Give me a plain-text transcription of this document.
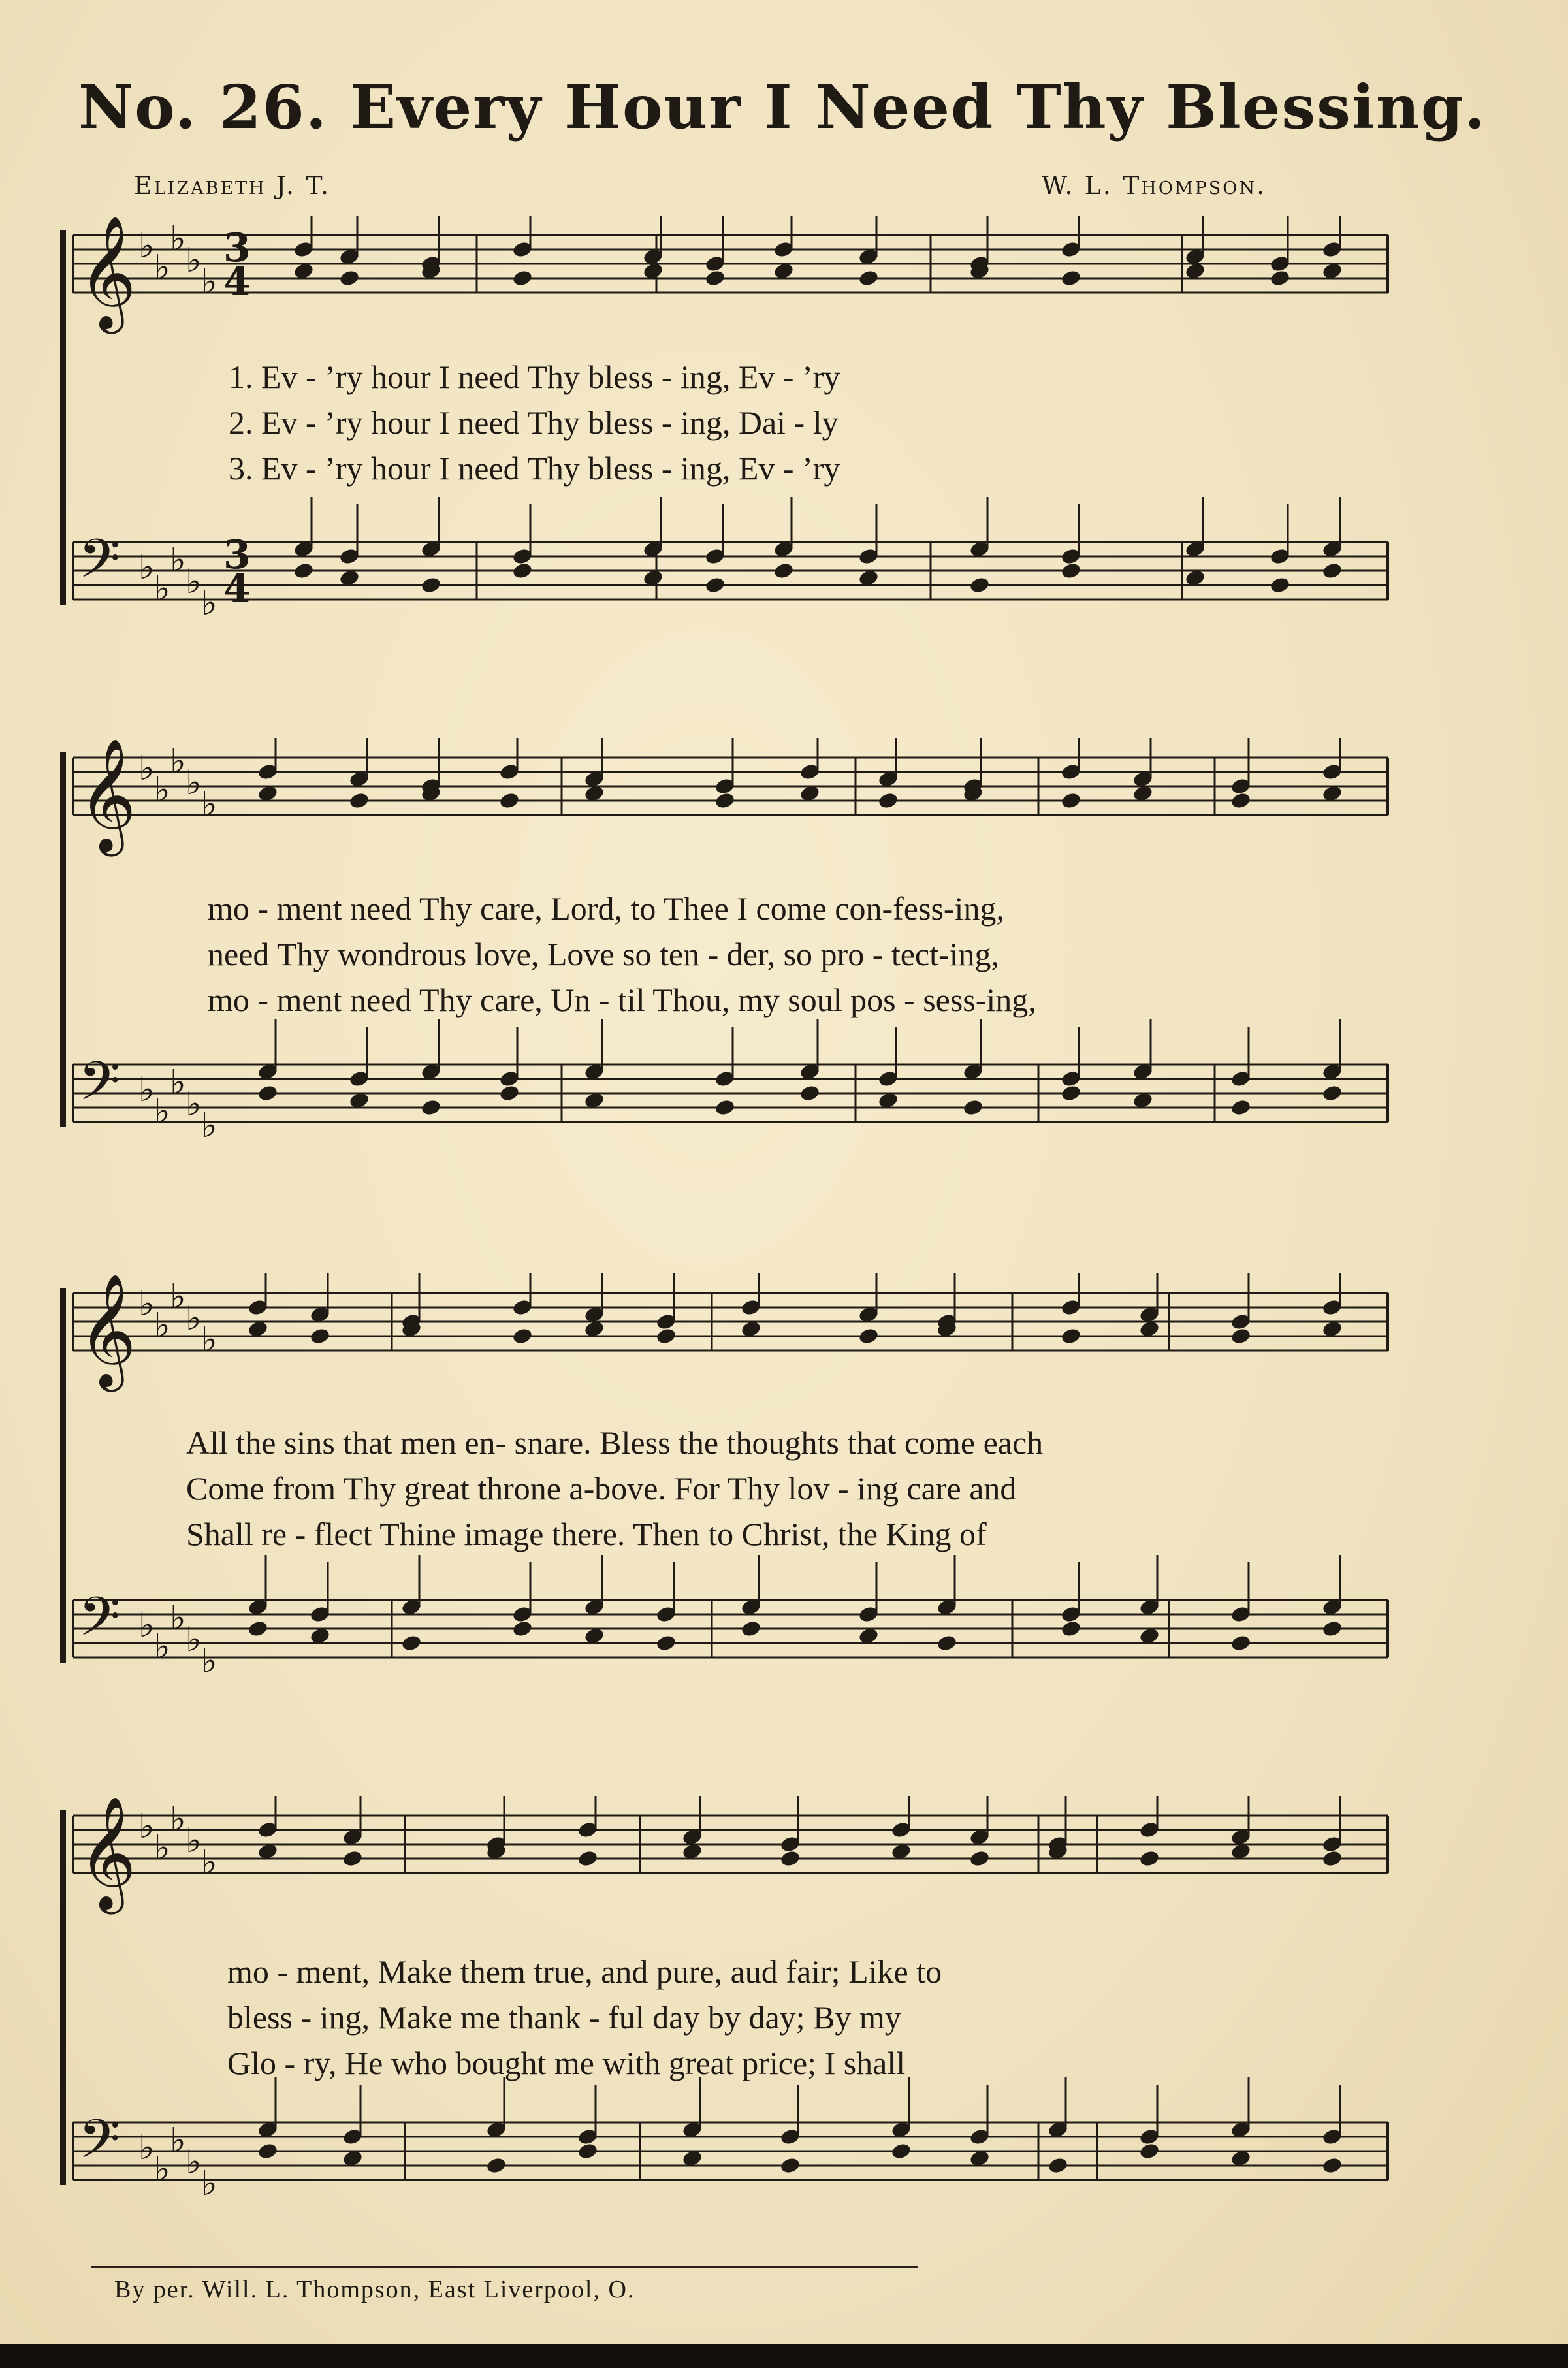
No. 26. Every Hour I Need Thy Blessing.
Elizabeth J. T.	W. L. Thompson.
𝄞 ♭
♭
♭
♭
♭
𝄢 ♭
♭
♭
♭
♭
3
4
3
4
1. Ev - ’ry hour I need Thy bless - ing, Ev - ’ry
2. Ev - ’ry hour I need Thy bless - ing, Dai - ly
3. Ev - ’ry hour I need Thy bless - ing, Ev - ’ry
𝄞 ♭
♭
♭
♭
♭
𝄢 ♭
♭
♭
♭
♭
mo - ment need Thy care, Lord, to Thee I come con-fess-ing,
need Thy wondrous love, Love so ten - der, so pro - tect-ing,
mo - ment need Thy care, Un - til Thou, my soul pos - sess-ing,
𝄞 ♭
♭
♭
♭
♭
𝄢 ♭
♭
♭
♭
♭
All the sins that men en- snare. Bless the thoughts that come each
Come from Thy great throne a-bove. For Thy lov - ing care and
Shall re - flect Thine image there. Then to Christ, the King of
𝄞 ♭
♭
♭
♭
♭
𝄢 ♭
♭
♭
♭
♭
mo - ment, Make them true, and pure, aud fair; Like to
bless - ing, Make me thank - ful day by day; By my
Glo - ry, He who bought me with great price; I shall
By per. Will. L. Thompson, East Liverpool, O.
